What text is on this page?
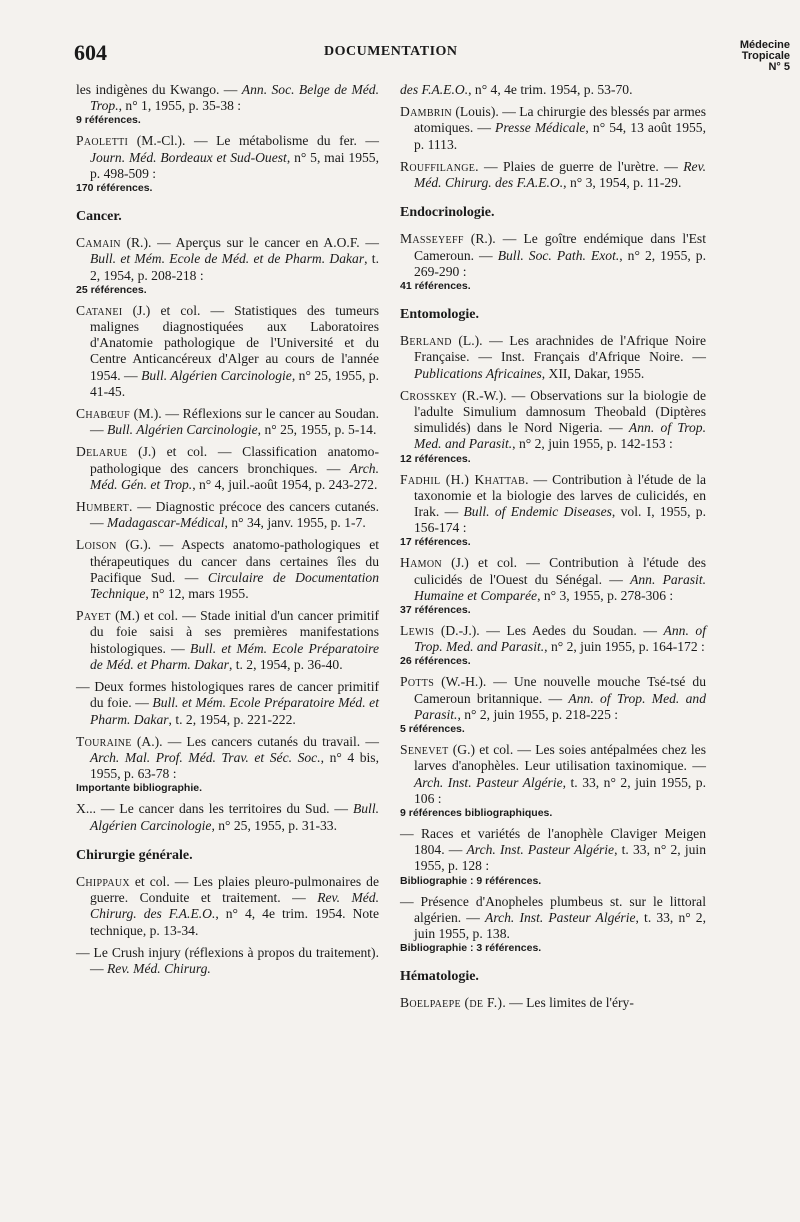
604	DOCUMENTATION	Médecine
Tropicale
N° 5
les indigènes du Kwango. — Ann. Soc. Belge de Méd. Trop., n° 1, 1955, p. 35-38 :
9 références.
Paoletti (M.-Cl.). — Le métabolisme du fer. — Journ. Méd. Bordeaux et Sud-Ouest, n° 5, mai 1955, p. 498-509 :
170 références.
Cancer.
Camain (R.). — Aperçus sur le cancer en A.O.F. — Bull. et Mém. Ecole de Méd. et de Pharm. Dakar, t. 2, 1954, p. 208-218 :
25 références.
Catanei (J.) et col. — Statistiques des tumeurs malignes diagnostiquées aux Laboratoires d'Anatomie pathologique de l'Université et du Centre Anticancéreux d'Alger au cours de l'année 1954. — Bull. Algérien Carcinologie, n° 25, 1955, p. 41-45.
Chabœuf (M.). — Réflexions sur le cancer au Soudan. — Bull. Algérien Carcinologie, n° 25, 1955, p. 5-14.
Delarue (J.) et col. — Classification anatomo-pathologique des cancers bronchiques. — Arch. Méd. Gén. et Trop., n° 4, juil.-août 1954, p. 243-272.
Humbert. — Diagnostic précoce des cancers cutanés. — Madagascar-Médical, n° 34, janv. 1955, p. 1-7.
Loison (G.). — Aspects anatomo-pathologiques et thérapeutiques du cancer dans certaines îles du Pacifique Sud. — Circulaire de Documentation Technique, n° 12, mars 1955.
Payet (M.) et col. — Stade initial d'un cancer primitif du foie saisi à ses premières manifestations histologiques. — Bull. et Mém. Ecole Préparatoire de Méd. et Pharm. Dakar, t. 2, 1954, p. 36-40.
— Deux formes histologiques rares de cancer primitif du foie. — Bull. et Mém. Ecole Préparatoire Méd. et Pharm. Dakar, t. 2, 1954, p. 221-222.
Touraine (A.). — Les cancers cutanés du travail. — Arch. Mal. Prof. Méd. Trav. et Séc. Soc., n° 4 bis, 1955, p. 63-78 :
Importante bibliographie.
X... — Le cancer dans les territoires du Sud. — Bull. Algérien Carcinologie, n° 25, 1955, p. 31-33.
Chirurgie générale.
Chippaux et col. — Les plaies pleuro-pulmonaires de guerre. Conduite et traitement. — Rev. Méd. Chirurg. des F.A.E.O., n° 4, 4e trim. 1954. Note technique, p. 13-34.
— Le Crush injury (réflexions à propos du traitement). — Rev. Méd. Chirurg.
des F.A.E.O., n° 4, 4e trim. 1954, p. 53-70.
Dambrin (Louis). — La chirurgie des blessés par armes atomiques. — Presse Médicale, n° 54, 13 août 1955, p. 1113.
Rouffilange. — Plaies de guerre de l'urètre. — Rev. Méd. Chirurg. des F.A.E.O., n° 3, 1954, p. 11-29.
Endocrinologie.
Masseyeff (R.). — Le goître endémique dans l'Est Cameroun. — Bull. Soc. Path. Exot., n° 2, 1955, p. 269-290 :
41 références.
Entomologie.
Berland (L.). — Les arachnides de l'Afrique Noire Française. — Inst. Français d'Afrique Noire. — Publications Africaines, XII, Dakar, 1955.
Crosskey (R.-W.). — Observations sur la biologie de l'adulte Simulium damnosum Theobald (Diptères simulidés) dans le Nord Nigeria. — Ann. of Trop. Med. and Parasit., n° 2, juin 1955, p. 142-153 :
12 références.
Fadhil (H.) Khattab. — Contribution à l'étude de la taxonomie et la biologie des larves de culicidés, en Irak. — Bull. of Endemic Diseases, vol. I, 1955, p. 156-174 :
17 références.
Hamon (J.) et col. — Contribution à l'étude des culicidés de l'Ouest du Sénégal. — Ann. Parasit. Humaine et Comparée, n° 3, 1955, p. 278-306 :
37 références.
Lewis (D.-J.). — Les Aedes du Soudan. — Ann. of Trop. Med. and Parasit., n° 2, juin 1955, p. 164-172 :
26 références.
Potts (W.-H.). — Une nouvelle mouche Tsé-tsé du Cameroun britannique. — Ann. of Trop. Med. and Parasit., n° 2, juin 1955, p. 218-225 :
5 références.
Senevet (G.) et col. — Les soies antépalmées chez les larves d'anophèles. Leur utilisation taxinomique. — Arch. Inst. Pasteur Algérie, t. 33, n° 2, juin 1955, p. 106 :
9 références bibliographiques.
— Races et variétés de l'anophèle Claviger Meigen 1804. — Arch. Inst. Pasteur Algérie, t. 33, n° 2, juin 1955, p. 128 :
Bibliographie : 9 références.
— Présence d'Anopheles plumbeus st. sur le littoral algérien. — Arch. Inst. Pasteur Algérie, t. 33, n° 2, juin 1955, p. 138.
Bibliographie : 3 références.
Hématologie.
Boelpaepe (de F.). — Les limites de l'éry-
